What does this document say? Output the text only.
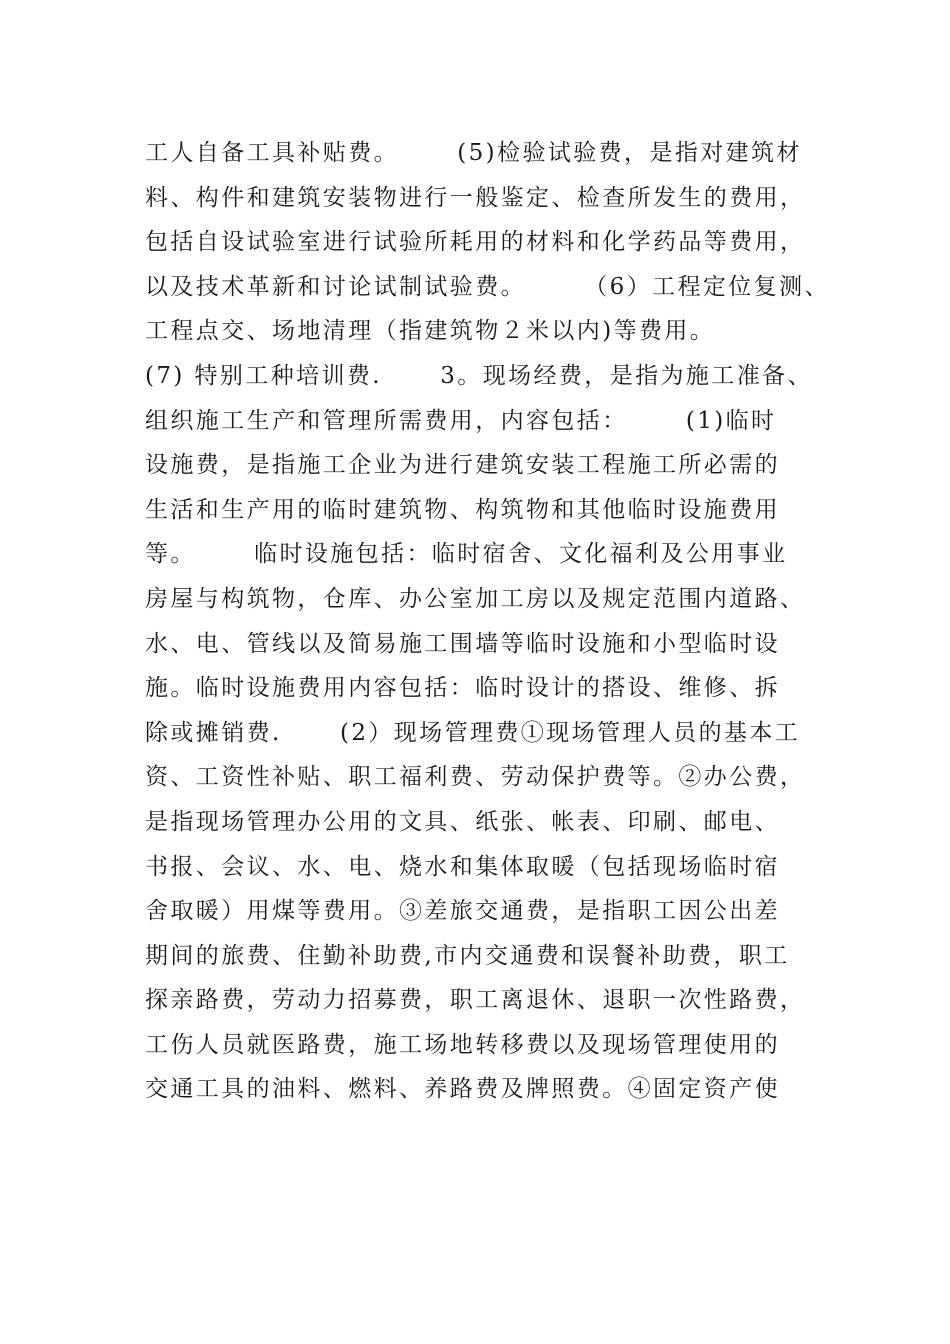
工人自备工具补贴费。      (5)检验试验费，是指对建筑材
料、构件和建筑安装物进行一般鉴定、检查所发生的费用，
包括自设试验室进行试验所耗用的材料和化学药品等费用，
以及技术革新和讨论试制试验费。      （6）工程定位复测、
工程点交、场地清理（指建筑物２米以内)等费用。
(7) 特别工种培训费.      3。现场经费，是指为施工准备、
组织施工生产和管理所需费用，内容包括：      (1)临时
设施费，是指施工企业为进行建筑安装工程施工所必需的
生活和生产用的临时建筑物、构筑物和其他临时设施费用
等。      临时设施包括：临时宿舍、文化福利及公用事业
房屋与构筑物，仓库、办公室加工房以及规定范围内道路、
水、电、管线以及简易施工围墙等临时设施和小型临时设
施。临时设施费用内容包括：临时设计的搭设、维修、拆
除或摊销费.      (2）现场管理费①现场管理人员的基本工
资、工资性补贴、职工福利费、劳动保护费等。②办公费，
是指现场管理办公用的文具、纸张、帐表、印刷、邮电、
书报、会议、水、电、烧水和集体取暖（包括现场临时宿
舍取暖）用煤等费用。③差旅交通费，是指职工因公出差
期间的旅费、住勤补助费,市内交通费和误餐补助费，职工
探亲路费，劳动力招募费，职工离退休、退职一次性路费，
工伤人员就医路费，施工场地转移费以及现场管理使用的
交通工具的油料、燃料、养路费及牌照费。④固定资产使
